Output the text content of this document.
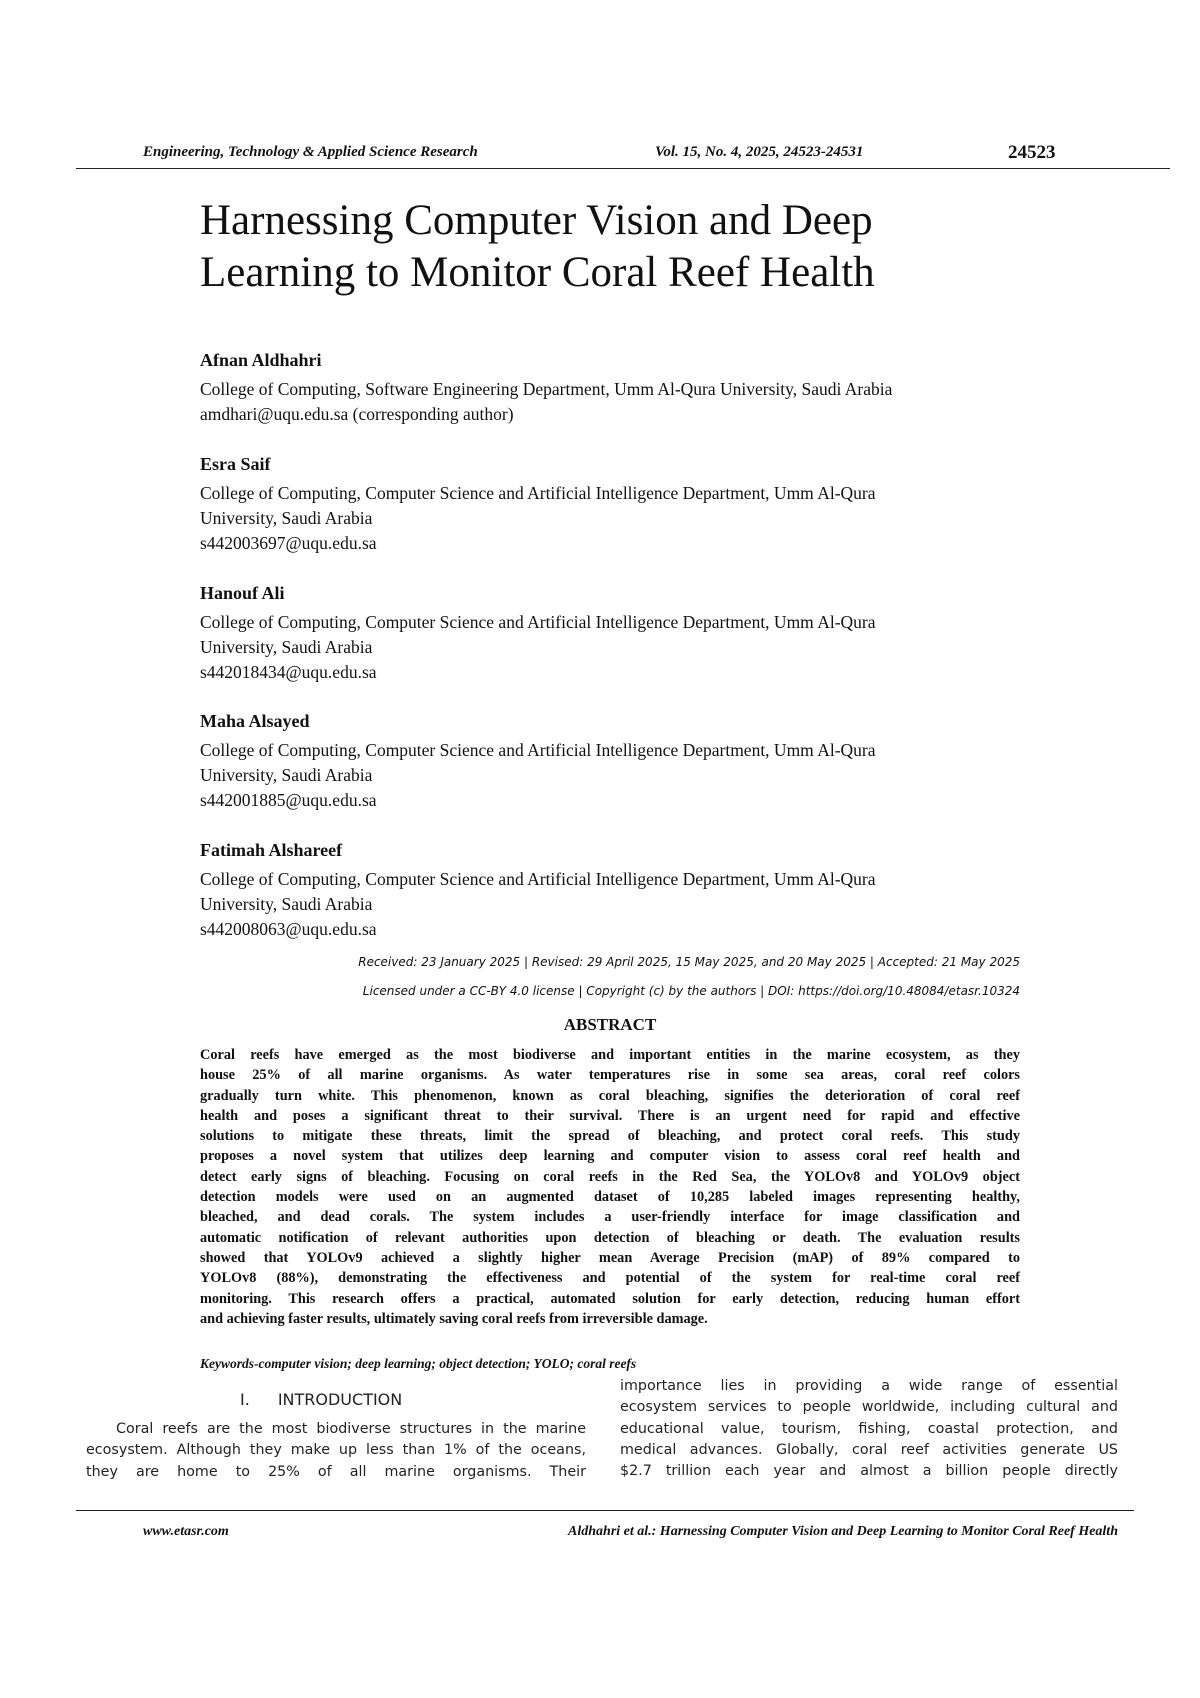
Engineering, Technology & Applied Science Research	Vol. 15, No. 4, 2025, 24523-24531	24523
Harnessing Computer Vision and Deep
Learning to Monitor Coral Reef Health
Afnan Aldhahri
College of Computing, Software Engineering Department, Umm Al-Qura University, Saudi Arabia
amdhari@uqu.edu.sa (corresponding author)
Esra Saif
College of Computing, Computer Science and Artificial Intelligence Department, Umm Al-Qura
University, Saudi Arabia
s442003697@uqu.edu.sa
Hanouf Ali
College of Computing, Computer Science and Artificial Intelligence Department, Umm Al-Qura
University, Saudi Arabia
s442018434@uqu.edu.sa
Maha Alsayed
College of Computing, Computer Science and Artificial Intelligence Department, Umm Al-Qura
University, Saudi Arabia
s442001885@uqu.edu.sa
Fatimah Alshareef
College of Computing, Computer Science and Artificial Intelligence Department, Umm Al-Qura
University, Saudi Arabia
s442008063@uqu.edu.sa
Received: 23 January 2025 | Revised: 29 April 2025, 15 May 2025, and 20 May 2025 | Accepted: 21 May 2025
Licensed under a CC-BY 4.0 license | Copyright (c) by the authors | DOI: https://doi.org/10.48084/etasr.10324
ABSTRACT
Coral reefs have emerged as the most biodiverse and important entities in the marine ecosystem, as they
house 25% of all marine organisms. As water temperatures rise in some sea areas, coral reef colors
gradually turn white. This phenomenon, known as coral bleaching, signifies the deterioration of coral reef
health and poses a significant threat to their survival. There is an urgent need for rapid and effective
solutions to mitigate these threats, limit the spread of bleaching, and protect coral reefs. This study
proposes a novel system that utilizes deep learning and computer vision to assess coral reef health and
detect early signs of bleaching. Focusing on coral reefs in the Red Sea, the YOLOv8 and YOLOv9 object
detection models were used on an augmented dataset of 10,285 labeled images representing healthy,
bleached, and dead corals. The system includes a user-friendly interface for image classification and
automatic notification of relevant authorities upon detection of bleaching or death. The evaluation results
showed that YOLOv9 achieved a slightly higher mean Average Precision (mAP) of 89% compared to
YOLOv8 (88%), demonstrating the effectiveness and potential of the system for real-time coral reef
monitoring. This research offers a practical, automated solution for early detection, reducing human effort
and achieving faster results, ultimately saving coral reefs from irreversible damage.
Keywords-computer vision; deep learning; object detection; YOLO; coral reefs
I. INTRODUCTION
Coral reefs are the most biodiverse structures in the marine
ecosystem. Although they make up less than 1% of the oceans,
they are home to 25% of all marine organisms. Their
importance lies in providing a wide range of essential
ecosystem services to people worldwide, including cultural and
educational value, tourism, fishing, coastal protection, and
medical advances. Globally, coral reef activities generate US
$2.7 trillion each year and almost a billion people directly
www.etasr.com	Aldhahri et al.: Harnessing Computer Vision and Deep Learning to Monitor Coral Reef Health
